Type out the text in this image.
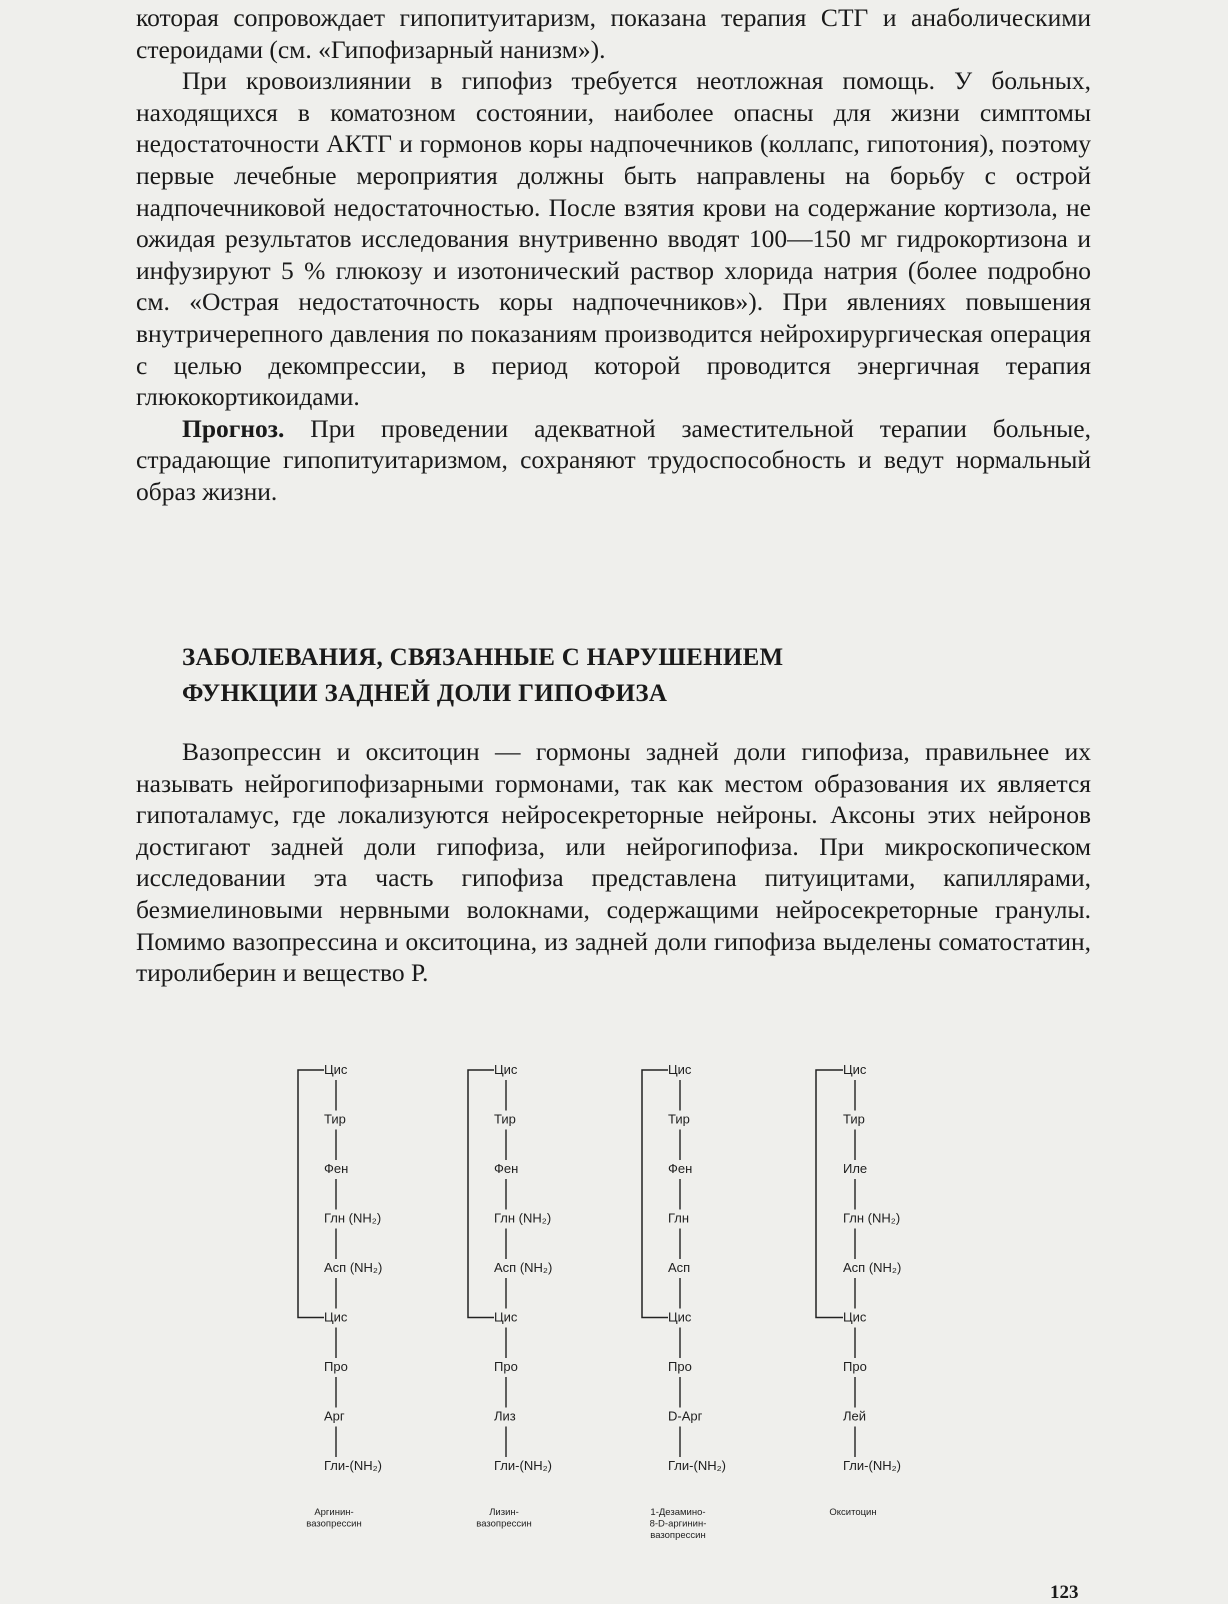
которая сопровождает гипопитуитаризм, показана терапия СТГ и анаболическими стероидами (см. «Гипофизарный нанизм»).

При кровоизлиянии в гипофиз требуется неотложная помощь. У больных, находящихся в коматозном состоянии, наиболее опасны для жизни симптомы недостаточности АКТГ и гормонов коры надпочечников (коллапс, гипотония), поэтому первые лечебные мероприятия должны быть направлены на борьбу с острой надпочечниковой недостаточностью. После взятия крови на содержание кортизола, не ожидая результатов исследования внутривенно вводят 100—150 мг гидрокортизона и инфузируют 5 % глюкозу и изотонический раствор хлорида натрия (более подробно см. «Острая недостаточность коры надпочечников»). При явлениях повышения внутричерепного давления по показаниям производится нейрохирургическая операция с целью декомпрессии, в период которой проводится энергичная терапия глюкокортикоидами.

Прогноз. При проведении адекватной заместительной терапии больные, страдающие гипопитуитаризмом, сохраняют трудоспособность и ведут нормальный образ жизни.

ЗАБОЛЕВАНИЯ, СВЯЗАННЫЕ С НАРУШЕНИЕМ
ФУНКЦИИ ЗАДНЕЙ ДОЛИ ГИПОФИЗА

Вазопрессин и окситоцин — гормоны задней доли гипофиза, правильнее их называть нейрогипофизарными гормонами, так как местом образования их является гипоталамус, где локализуются нейросекреторные нейроны. Аксоны этих нейронов достигают задней доли гипофиза, или нейрогипофиза. При микроскопическом исследовании эта часть гипофиза представлена питуицитами, капиллярами, безмиелиновыми нервными волокнами, содержащими нейросекреторные гранулы. Помимо вазопрессина и окситоцина, из задней доли гипофиза выделены соматостатин, тиролиберин и вещество Р.

Цис
Тир
Фен
Глн (NH₂)
Асп (NH₂)
Цис
Про
Арг
Гли-(NH₂)
Аргинин-
вазопрессин
Цис
Тир
Фен
Глн (NH₂)
Асп (NH₂)
Цис
Про
Лиз
Гли-(NH₂)
Лизин-
вазопрессин
Цис
Тир
Фен
Глн
Асп
Цис
Про
D-Арг
Гли-(NH₂)
1-Дезамино-
8-D-аргинин-
вазопрессин
Цис
Тир
Иле
Глн (NH₂)
Асп (NH₂)
Цис
Про
Лей
Гли-(NH₂)
Окситоцин
123
